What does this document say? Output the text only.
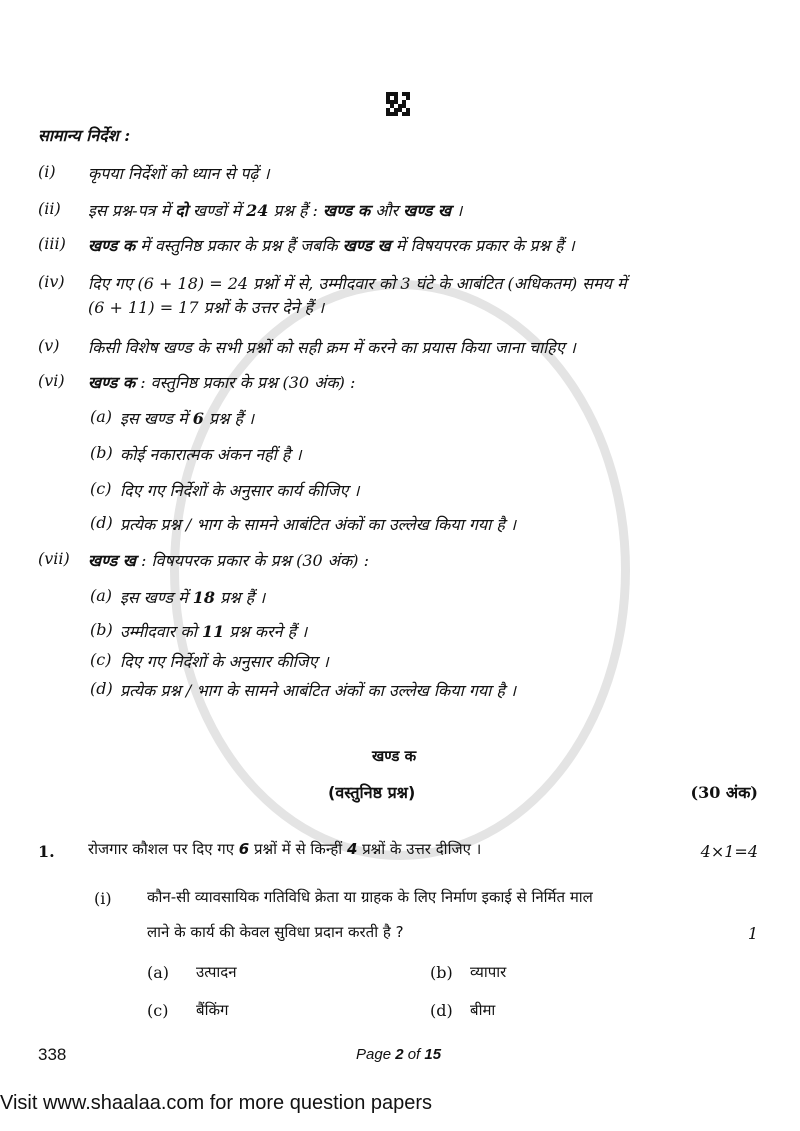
सामान्य निर्देश :
(i) कृपया निर्देशों को ध्यान से पढ़ें ।
(ii) इस प्रश्न-पत्र में दो खण्डों में 24 प्रश्न हैं : खण्ड क और खण्ड ख ।
(iii) खण्ड क में वस्तुनिष्ठ प्रकार के प्रश्न हैं जबकि खण्ड ख में विषयपरक प्रकार के प्रश्न हैं ।
(iv) दिए गए (6 + 18) = 24 प्रश्नों में से, उम्मीदवार को 3 घंटे के आबंटित (अधिकतम) समय में
(6 + 11) = 17 प्रश्नों के उत्तर देने हैं ।
(v) किसी विशेष खण्ड के सभी प्रश्नों को सही क्रम में करने का प्रयास किया जाना चाहिए ।
(vi) खण्ड क : वस्तुनिष्ठ प्रकार के प्रश्न (30 अंक) :
(vii) खण्ड ख : विषयपरक प्रकार के प्रश्न (30 अंक) :
(a) इस खण्ड में 6 प्रश्न हैं ।
(b) कोई नकारात्मक अंकन नहीं है ।
(c) दिए गए निर्देशों के अनुसार कार्य कीजिए ।
(d) प्रत्येक प्रश्न / भाग के सामने आबंटित अंकों का उल्लेख किया गया है ।
(a) इस खण्ड में 18 प्रश्न हैं ।
(b) उम्मीदवार को 11 प्रश्न करने हैं ।
(c) दिए गए निर्देशों के अनुसार कीजिए ।
(d) प्रत्येक प्रश्न / भाग के सामने आबंटित अंकों का उल्लेख किया गया है ।
खण्ड क
(वस्तुनिष्ठ प्रश्न)	(30 अंक)
1. रोजगार कौशल पर दिए गए 6 प्रश्नों में से किन्हीं 4 प्रश्नों के उत्तर दीजिए ।	4×1=4
(i) कौन-सी व्यावसायिक गतिविधि क्रेता या ग्राहक के लिए निर्माण इकाई से निर्मित माल
लाने के कार्य की केवल सुविधा प्रदान करती है ?	1
(a) उत्पादन	(b) व्यापार
(c) बैंकिंग	(d) बीमा
338	Page 2 of 15
Visit www.shaalaa.com for more question papers
